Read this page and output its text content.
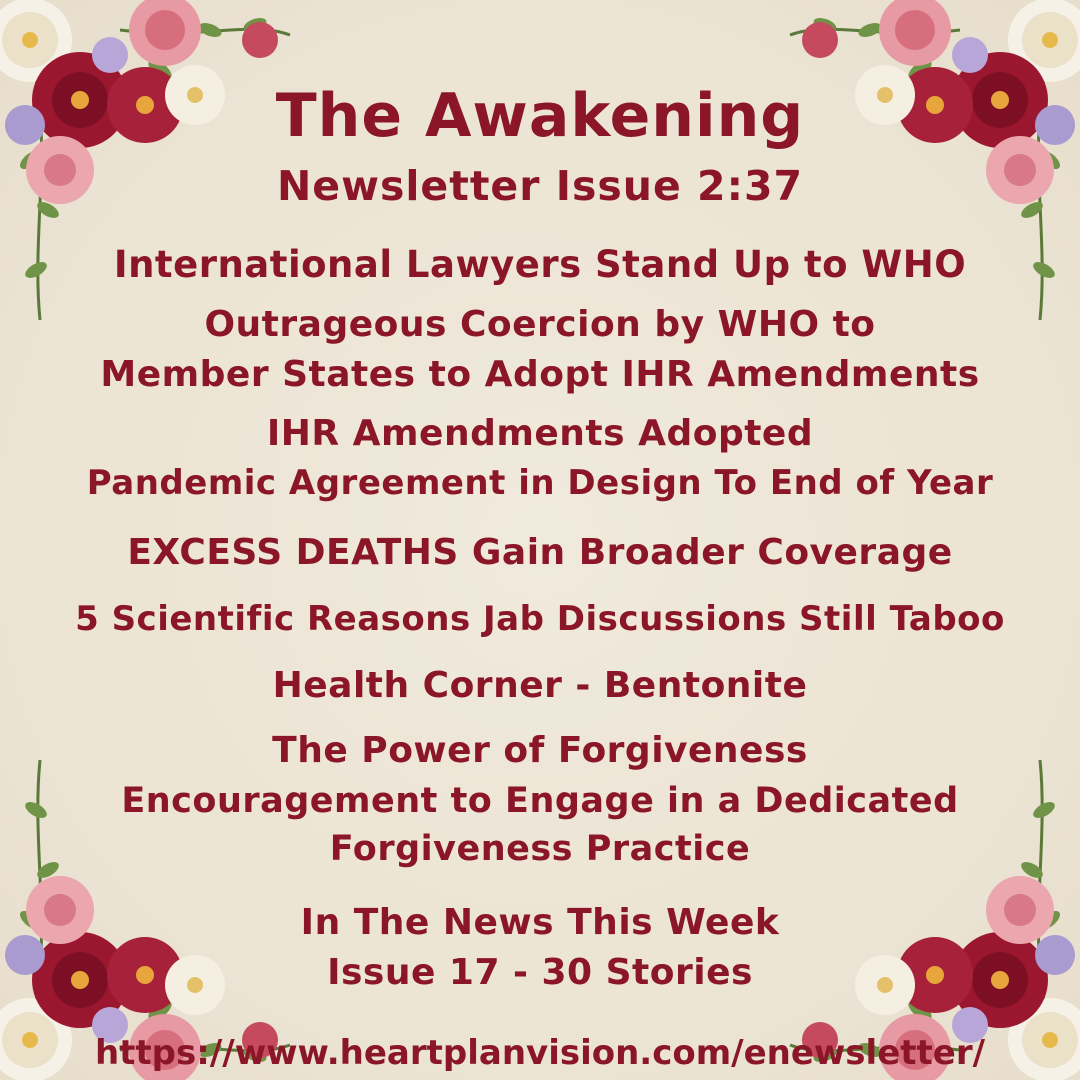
The Awakening
Newsletter Issue 2:37
International Lawyers Stand Up to WHO
Outrageous Coercion by WHO to
Member States to Adopt IHR Amendments
IHR Amendments Adopted
Pandemic Agreement in Design To End of Year
EXCESS DEATHS Gain Broader Coverage
5 Scientific Reasons Jab Discussions Still Taboo
Health Corner - Bentonite
The Power of Forgiveness
Encouragement to Engage in a Dedicated
Forgiveness Practice
In The News This Week
Issue 17 - 30 Stories
https://www.heartplanvision.com/enewsletter/
